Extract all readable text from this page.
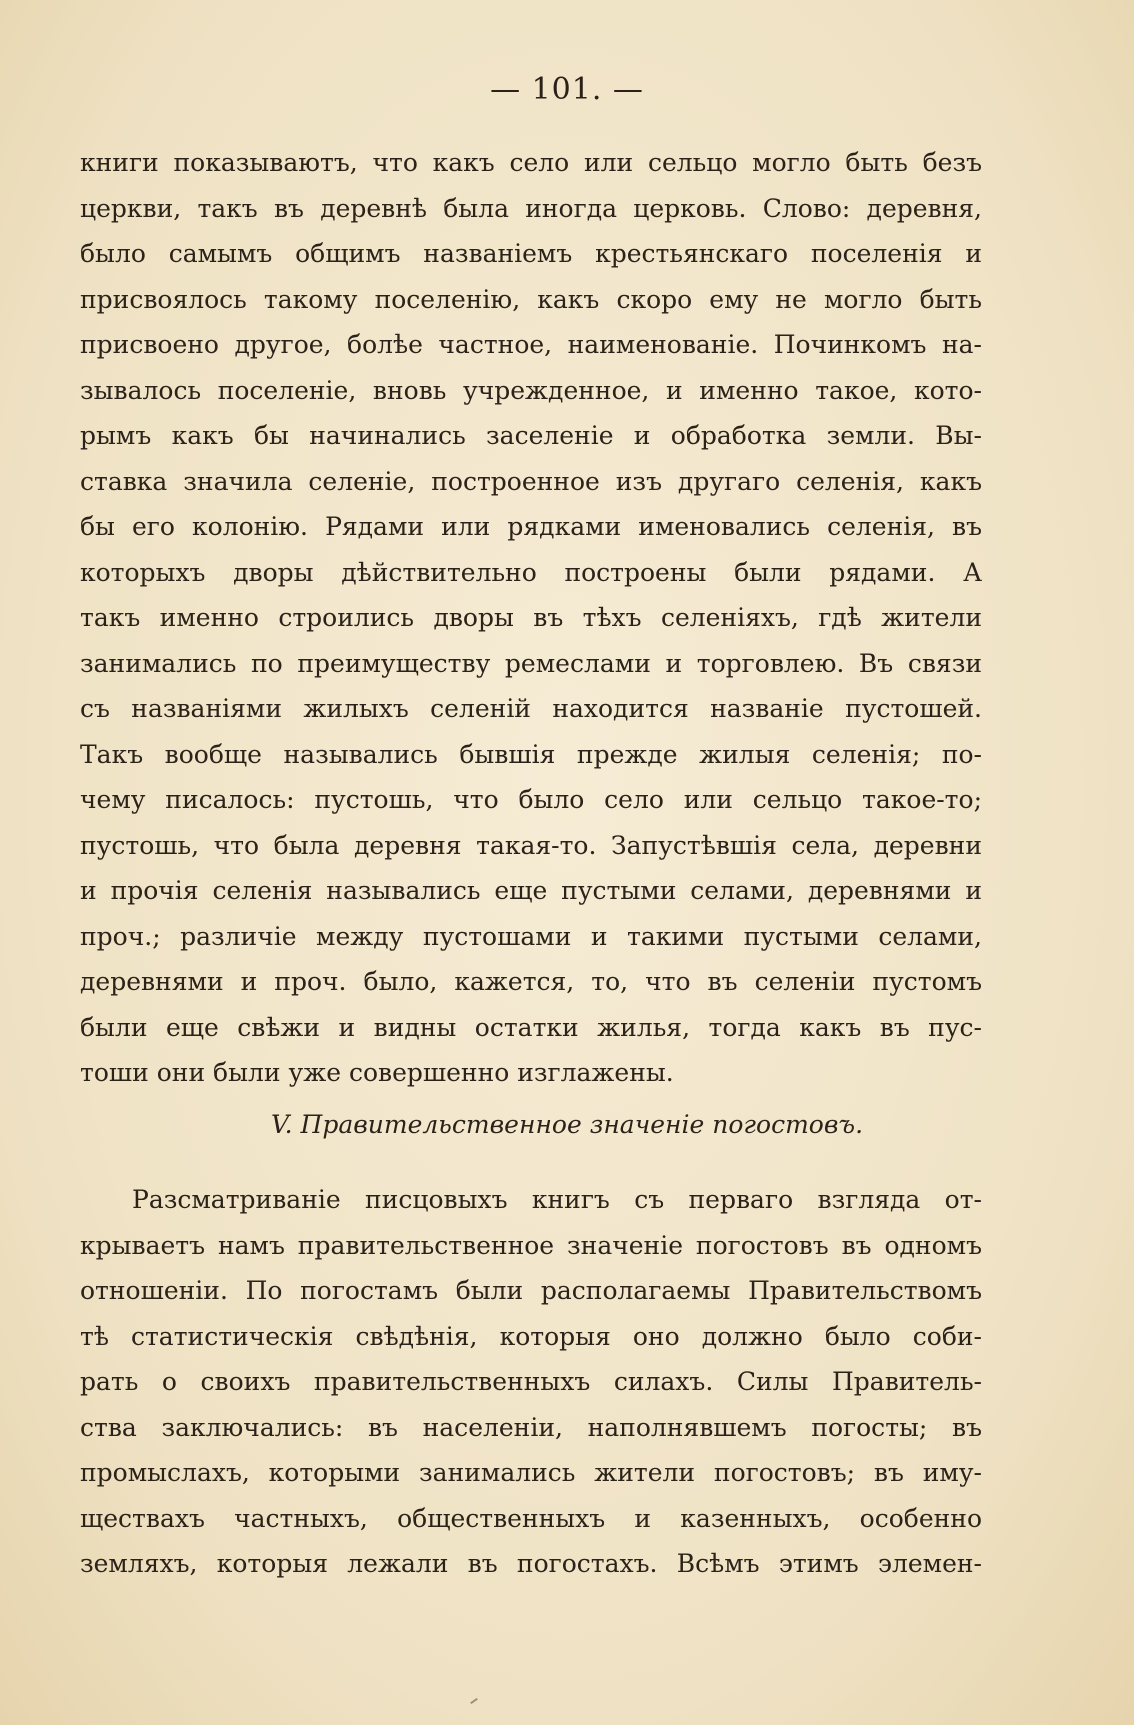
— 101. —
книги показываютъ, что какъ село или сельцо могло быть безъ
церкви, такъ въ деревнѣ была иногда церковь. Слово: деревня,
было самымъ общимъ названіемъ крестьянскаго поселенія и
присвоялось такому поселенію, какъ скоро ему не могло быть
присвоено другое, болѣе частное, наименованіе. Починкомъ на-
зывалось поселеніе, вновь учрежденное, и именно такое, кото-
рымъ какъ бы начинались заселеніе и обработка земли. Вы-
ставка значила селеніе, построенное изъ другаго селенія, какъ
бы его колонію. Рядами или рядками именовались селенія, въ
которыхъ дворы дѣйствительно построены были рядами. А
такъ именно строились дворы въ тѣхъ селеніяхъ, гдѣ жители
занимались по преимуществу ремеслами и торговлею. Въ связи
съ названіями жилыхъ селеній находится названіе пустошей.
Такъ вообще назывались бывшія прежде жилыя селенія; по-
чему писалось: пустошь, что было село или сельцо такое-то;
пустошь, что была деревня такая-то. Запустѣвшія села, деревни
и прочія селенія назывались еще пустыми селами, деревнями и
проч.; различіе между пустошами и такими пустыми селами,
деревнями и проч. было, кажется, то, что въ селеніи пустомъ
были еще свѣжи и видны остатки жилья, тогда какъ въ пус-
тоши они были уже совершенно изглажены.
V. Правительственное значеніе погостовъ.
Разсматриваніе писцовыхъ книгъ съ перваго взгляда от-
крываетъ намъ правительственное значеніе погостовъ въ одномъ
отношеніи. По погостамъ были располагаемы Правительствомъ
тѣ статистическія свѣдѣнія, которыя оно должно было соби-
рать о своихъ правительственныхъ силахъ. Силы Правитель-
ства заключались: въ населеніи, наполнявшемъ погосты; въ
промыслахъ, которыми занимались жители погостовъ; въ иму-
ществахъ частныхъ, общественныхъ и казенныхъ, особенно
земляхъ, которыя лежали въ погостахъ. Всѣмъ этимъ элемен-
